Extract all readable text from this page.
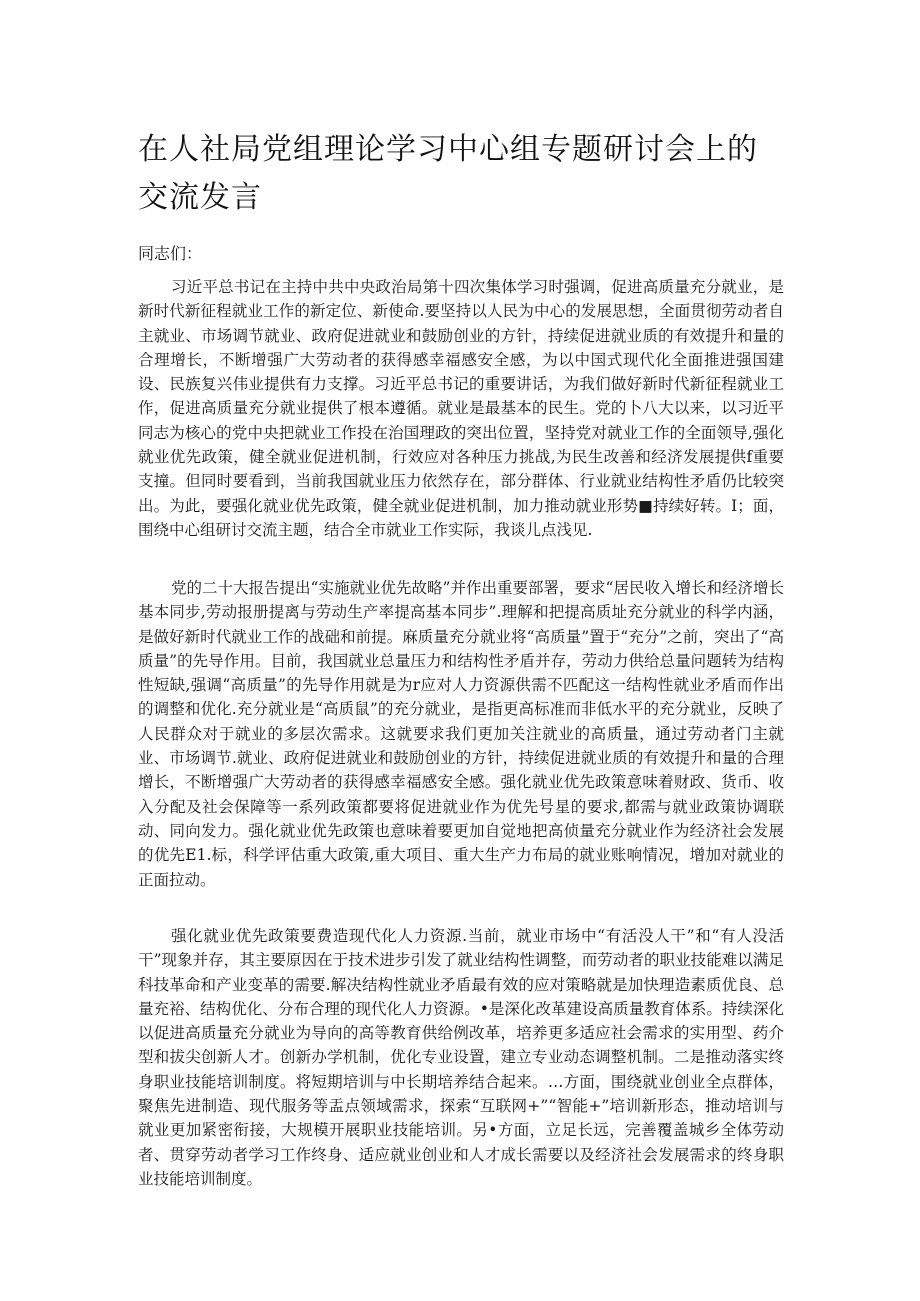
在人社局党组理论学习中心组专题研讨会上的交流发言

同志们：

习近平总书记在主持中共中央政治局第十四次集体学习时强调，促进高质量充分就业，是新时代新征程就业工作的新定位、新使命.要坚持以人民为中心的发展思想，全面贯彻劳动者自主就业、市场调节就业、政府促进就业和鼓励创业的方针，持续促进就业质的有效提升和量的合理增长，不断增强广大劳动者的获得感幸福感安全感，为以中国式现代化全面推进强国建设、民族复兴伟业提供有力支撑。习近平总书记的重要讲话，为我们做好新时代新征程就业工作，促进高质量充分就业提供了根本遵循。就业是最基本的民生。党的卜八大以来，以习近平同志为核心的党中央把就业工作投在治国理政的突出位置，坚持党对就业工作的全面领导,强化就业优先政策，健全就业促进机制，行效应对各种压力挑战,为民生改善和经济发展提供f重要支撞。但同时要看到，当前我国就业压力依然存在，部分群体、行业就业结构性矛盾仍比较突出。为此，要强化就业优先政策，健全就业促进机制，加力推动就业形势■持续好转。I；面，围绕中心组研讨交流主题，结合全市就业工作实际，我谈儿点浅见.

党的二十大报告提出“实施就业优先故略”并作出重要部署，要求“居民收入增长和经济增长基本同步,劳动报册提离与劳动生产率提高基本同步”.理解和把提高质址充分就业的科学内涵，是做好新时代就业工作的战础和前提。麻质量充分就业将“高质量”置于“充分”之前，突出了“高质量”的先导作用。目前，我国就业总量压力和结构性矛盾并存，劳动力供给总量问题转为结构性短缺,强调“高质量”的先导作用就是为r应对人力资源供需不匹配这一结构性就业矛盾而作出的调整和优化.充分就业是“高质鼠”的充分就业，是指更高标准而非低水平的充分就业，反映了人民群众对于就业的多层次需求。这就要求我们更加关注就业的高质量，通过劳动者门主就业、市场调节.就业、政府促进就业和鼓励创业的方针，持续促进就业质的有效提升和量的合理增长，不断增强广大劳动者的获得感幸福感安全感。强化就业优先政策意味着财政、货币、收入分配及社会保障等一系列政策都要将促进就业作为优先号星的要求,都需与就业政策协调联动、同向发力。强化就业优先政策也意味着要更加自觉地把高侦量充分就业作为经济社会发展的优先E1.标，科学评估重大政策,重大项目、重大生产力布局的就业账响情况，增加对就业的正面拉动。

强化就业优先政策要费造现代化人力资源.当前，就业市场中“有活没人干”和“有人没活干”现象并存，其主要原因在于技术进步引发了就业结构性调整，而劳动者的职业技能难以满足科技革命和产业变革的需要.解决结构性就业矛盾最有效的应对策略就是加快理造素质优良、总量充裕、结构优化、分布合理的现代化人力资源。•是深化改革建设高质量教育体系。持续深化以促进高质量充分就业为导向的高等教育供给例改革，培养更多适应社会需求的实用型、药介型和拔尖创新人才。创新办学机制，优化专业设置，建立专业动态调整机制。二是推动落实终身职业技能培训制度。将短期培训与中长期培养结合起来。…方面，围绕就业创业全点群体，聚焦先进制造、现代服务等盂点领域需求，探索“互联网+”“智能+”培训新形态，推动培训与就业更加紧密衔接，大规模开展职业技能培训。另•方面，立足长远，完善覆盖城乡全体劳动者、贯穿劳动者学习工作终身、适应就业创业和人才成长需要以及经济社会发展需求的终身职业技能培训制度。
